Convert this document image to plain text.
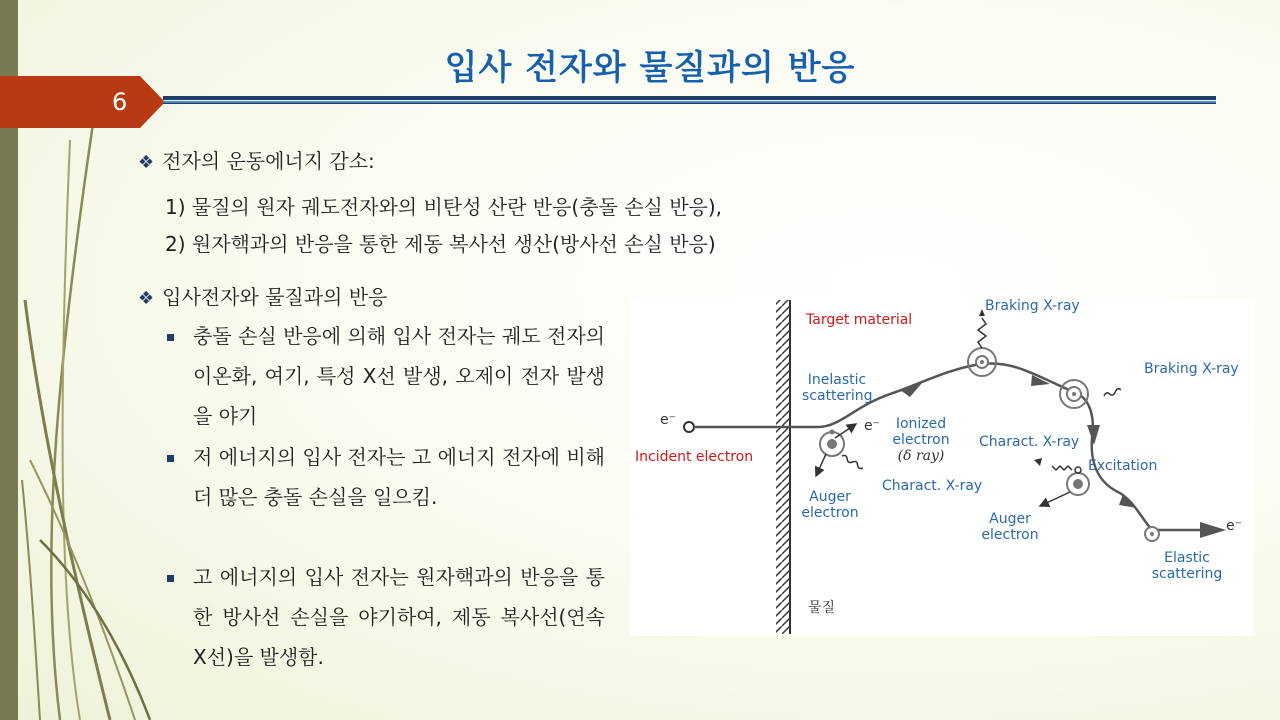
입사 전자와 물질과의 반응
6
❖ 전자의 운동에너지 감소:
1) 물질의 원자 궤도전자와의 비탄성 산란 반응(충돌 손실 반응),
2) 원자핵과의 반응을 통한 제동 복사선 생산(방사선 손실 반응)
❖ 입사전자와 물질과의 반응
충돌 손실 반응에 의해 입사 전자는 궤도 전자의 이온화, 여기, 특성 X선 발생, 오제이 전자 발생을 야기
저 에너지의 입사 전자는 고 에너지 전자에 비해 더 많은 충돌 손실을 일으킴.
고 에너지의 입사 전자는 원자핵과의 반응을 통한 방사선 손실을 야기하여, 제동 복사선(연속 X선)을 발생함.
Target material
Incident electron
e⁻	e⁻
e⁻
Inelastic
scattering
Ionized
electron
(δ ray)
Braking X-ray
Braking X-ray
Charact. X-ray
Charact. X-ray
Excitation
Auger
electron	Auger
electron
Elastic
scattering
물질
